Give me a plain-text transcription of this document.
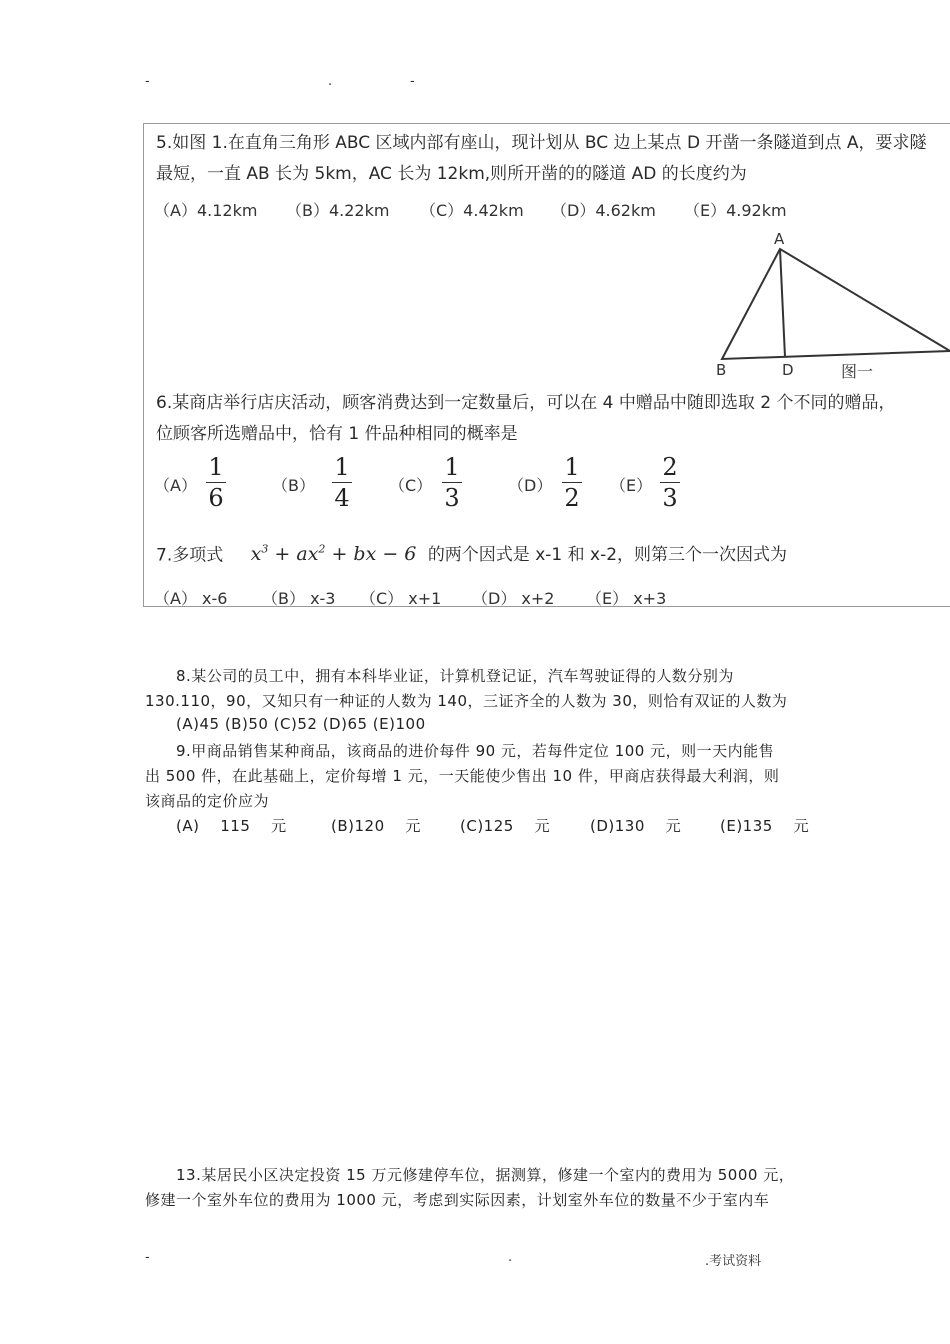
-	.	-
5.如图 1.在直角三角形 ABC 区域内部有座山，现计划从 BC 边上某点 D 开凿一条隧道到点 A，要求隧
最短，一直 AB 长为 5km，AC 长为 12km,则所开凿的的隧道 AD 的长度约为
（A）4.12km （B）4.22km （C）4.42km （D）4.62km （E）4.92km
A
B	D	图一
6.某商店举行店庆活动，顾客消费达到一定数量后，可以在 4 中赠品中随即选取 2 个不同的赠品，
位顾客所选赠品中，恰有 1 件品种相同的概率是
（A）
1
6	（B）
1
4 （C）
1
3	（D）
1
2 （E）
2
3
7.多项式 $x^3 + ax^2$ + bx − 6 的两个因式是 x-1 和 x-2，则第三个一次因式为
（A） x-6 （B） x-3 （C） x+1 （D） x+2 （E） x+3
8.某公司的员工中，拥有本科毕业证，计算机登记证，汽车驾驶证得的人数分别为
130.110，90，又知只有一种证的人数为 140，三证齐全的人数为 30，则恰有双证的人数为
(A)45 (B)50 (C)52 (D)65 (E)100
9.甲商品销售某种商品，该商品的进价每件 90 元，若每件定位 100 元，则一天内能售
出 500 件，在此基础上，定价每增 1 元，一天能使少售出 10 件，甲商店获得最大利润，则
该商品的定价应为
(A)　 115　 元	(B)120　 元	(C)125　 元	(D)130　 元	(E)135　 元
13.某居民小区决定投资 15 万元修建停车位，据测算，修建一个室内的费用为 5000 元，
修建一个室外车位的费用为 1000 元，考虑到实际因素，计划室外车位的数量不少于室内车
-	.	.考试资料
